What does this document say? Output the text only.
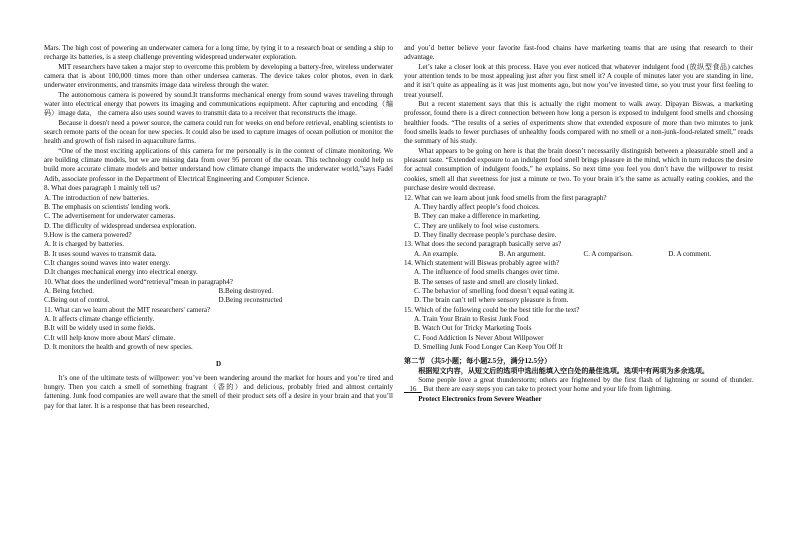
Mars. The high cost of powering an underwater camera for a long time, by tying it to a research boat or sending a ship to recharge its batteries, is a steep challenge preventing widespread underwater exploration.

MIT researchers have taken a major step to overcome this problem by developing a battery-free, wireless underwater camera that is about 100,000 times more than other undersea cameras. The device takes color photos, even in dark underwater environments, and transmits image data wireless through the water.

The autonomous camera is powered by sound.It transforms mechanical energy from sound waves traveling through water into electrical energy that powers its imaging and communications equipment. After capturing and encoding（编码）image data， the camera also uses sound waves to transmit data to a receiver that reconstructs the image.

Because it doesn't need a power source, the camera could run for weeks on end before retrieval, enabling scientists to search remote parts of the ocean for new species. It could also be used to capture images of ocean pollution or monitor the health and growth of fish raised in aquaculture farms.

“One of the most exciting applications of this camera for me personally is in the context of climate monitoring. We are building climate models, but we are missing data from over 95 percent of the ocean. This technology could help us build more accurate climate models and better understand how climate change impacts the underwater world,”says Fadel Adib, associate professor in the Department of Electrical Engineering and Computer Science.

8. What does paragraph 1 mainly tell us?

A. The introduction of new batteries.

B. The emphasis on scientists' lending work.

C. The advertisement for underwater cameras.

D. The difficulty of widespread undersea exploration.

9.How is the camera powered?

A. It is charged by batteries.

B. It uses sound waves to transmit data.

C.It changes sound waves into water energy.

D.It changes mechanical energy into electrical energy.

10. What does the underlined word“retrieval”mean in paragraph4?

A. Being fetched.	B.Being destroyed.

C.Being out of control.	D.Being reconstructed

11. What can we learn about the MIT researchers' camera?

A. It affects climate change efficiently.

B.It will be widely used in some fields.

C.It will help know more about Mars' climate.

D. It monitors the health and growth of new species.

D

It’s one of the ultimate tests of willpower: you’ve been wandering around the market for hours and you’re tired and hungry. Then you catch a smell of something fragrant（香的）and delicious, probably fried and almost certainly fattening. Junk food companies are well aware that the smell of their product sets off a desire in your brain and that you’ll pay for that later. It is a response that has been researched,

and you’d better believe your favorite fast-food chains have marketing teams that are using that research to their advantage.

Let’s take a closer look at this process. Have you ever noticed that whatever indulgent food (放纵型食品) catches your attention tends to be most appealing just after you first smell it? A couple of minutes later you are standing in line, and it isn’t quite as appealing as it was just moments ago, but now you’ve invested time, so you trust your first feeling to treat yourself.

But a recent statement says that this is actually the right moment to walk away. Dipayan Biswas, a marketing professor, found there is a direct connection between how long a person is exposed to indulgent food smells and choosing healthier foods. “The results of a series of experiments show that extended exposure of more than two minutes to junk food smells leads to fewer purchases of unhealthy foods compared with no smell or a non-junk-food-related smell,” reads the summary of his study.

What appears to be going on here is that the brain doesn’t necessarily distinguish between a pleasurable smell and a pleasant taste. “Extended exposure to an indulgent food smell brings pleasure in the mind, which in turn reduces the desire for actual consumption of indulgent foods,” he explains. So next time you feel you don’t have the willpower to resist cookies, smell all that sweetness for just a minute or two. To your brain it’s the same as actually eating cookies, and the purchase desire would decrease.

12. What can we learn about junk food smells from the first paragraph?

A. They hardly affect people’s food choices.

B. They can make a difference in marketing.

C. They are unlikely to fool wise customers.

D. They finally decrease people’s purchase desire.

13. What does the second paragraph basically serve as?

A. An example.	B. An argument.	C. A comparison.	D. A comment.

14. Which statement will Biswas probably agree with?

A. The influence of food smells changes over time.

B. The senses of taste and smell are closely linked.

C. The behavior of smelling food doesn’t equal eating it.

D. The brain can’t tell where sensory pleasure is from.

15. Which of the following could be the best title for the text?

A. Train Your Brain to Resist Junk Food

B. Watch Out for Tricky Marketing Tools

C. Food Addiction Is Never About Willpower

D. Smelling Junk Food Longer Can Keep You Off It

第二节 （共5小题；每小题2.5分，满分12.5分）

根据短文内容，从短文后的选项中选出能填入空白处的最佳选项。选项中有两项为多余选项。

Some people love a great thunderstorm; others are frightened by the first flash of lightning or sound of thunder.    16 But there are easy steps you can take to protect your home and your life from lightning.

Protect Electronics from Severe Weather
